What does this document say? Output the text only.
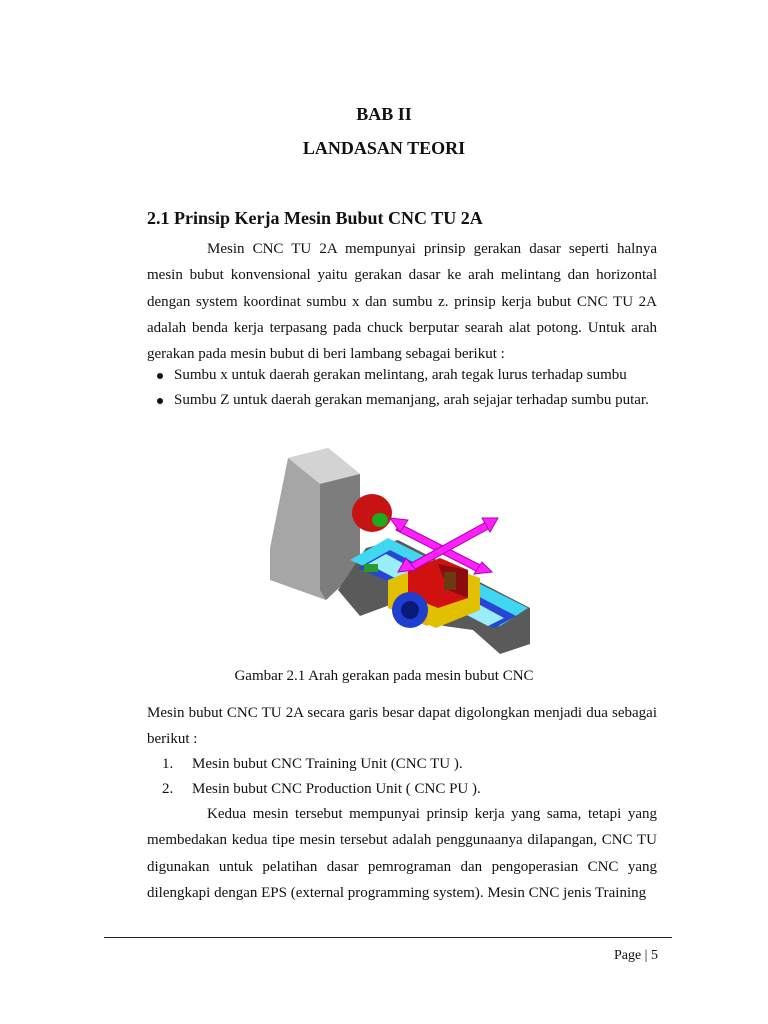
BAB II
LANDASAN TEORI
2.1 Prinsip Kerja Mesin Bubut CNC TU 2A

Mesin CNC TU 2A mempunyai prinsip gerakan dasar seperti halnya mesin bubut konvensional yaitu gerakan dasar ke arah melintang dan horizontal dengan system koordinat sumbu x dan sumbu z. prinsip kerja bubut CNC TU 2A adalah benda kerja terpasang pada chuck berputar searah alat potong. Untuk arah gerakan pada mesin bubut di beri lambang sebagai berikut :

Sumbu x untuk daerah gerakan melintang, arah tegak lurus terhadap sumbu
Sumbu Z untuk daerah gerakan memanjang, arah sejajar terhadap sumbu putar.
Gambar 2.1 Arah gerakan pada mesin bubut CNC
Mesin bubut CNC TU 2A secara garis besar dapat digolongkan menjadi dua sebagai berikut :
1. Mesin bubut CNC Training Unit (CNC TU ).
2. Mesin bubut CNC Production Unit ( CNC PU ).

Kedua mesin tersebut mempunyai prinsip kerja yang sama, tetapi yang membedakan kedua tipe mesin tersebut adalah penggunaanya dilapangan, CNC TU digunakan untuk pelatihan dasar pemrograman dan pengoperasian CNC yang dilengkapi dengan EPS (external programming system). Mesin CNC jenis Training

Page | 5
